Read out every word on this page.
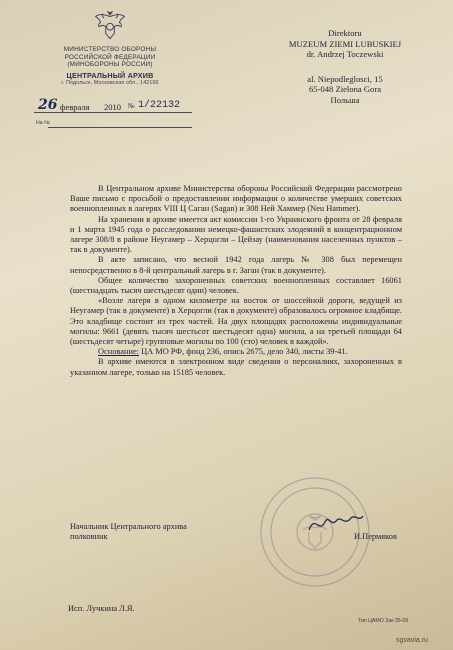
МИНИСТЕРСТВО ОБОРОНЫ
РОССИЙСКОЙ ФЕДЕРАЦИИ
(МИНОБОРОНЫ РОССИИ)
ЦЕНТРАЛЬНЫЙ АРХИВ
г. Подольск, Московская обл., 142100
26 февраля 2010 № 1/22132
На №
Direktoru
MUZEUM ZIEMI LUBUSKIEJ
dr. Andrzej Toczewski
al. Niepodleglosci, 15
65-048 Zielona Gora
Польша

В Центральном архиве Министерства обороны Российской Федерации рассмотрено Ваше письмо с просьбой о предоставлении информации о количестве умерших советских военнопленных в лагерях VIII Ц Саган (Sagan) и 308 Ней Хаммер (Neu Hammer).

На хранении в архиве имеется акт комиссии 1-го Украинского фронта от 28 февраля и 1 марта 1945 года о расследовании немецко-фашистских злодеяний в концентрационном лагере 308/8 в районе Неугамер – Херцогли – Цейзау (наименования населенных пунктов – так в документе).

В акте записано, что весной 1942 года лагерь № 308 был перемещен непосредственно в 8-й центральный лагерь в г. Заган (так в документе).

Общее количество захороненных советских военнопленных составляет 16061 (шестнадцать тысяч шестьдесят один) человек.

«Возле лагеря в одном километре на восток от шоссейной дороги, ведущей из Неугамер (так в документе) в Херцогли (так в документе) образовалось огромное кладбище. Это кладбище состоит из трех частей. На двух площадях расположены индивидуальные могилы: 9661 (девять тысяч шестьсот шестьдесят одна) могила, а на третьей площади 64 (шестьдесят четыре) групповые могилы по 100 (сто) человек в каждой».

Основание: ЦА МО РФ, фонд 236, опись 2675, дело 340, листы 39-41.

В архиве имеются в электронном виде сведения о персоналиях, захороненных в указанном лагере, только на 15185 человек.

Начальник Центрального архива
полковник	И.Пермяков
Исп. Лучкина Л.Я.
Тип ЦАМО Зак 35-09
sgvavia.ru
